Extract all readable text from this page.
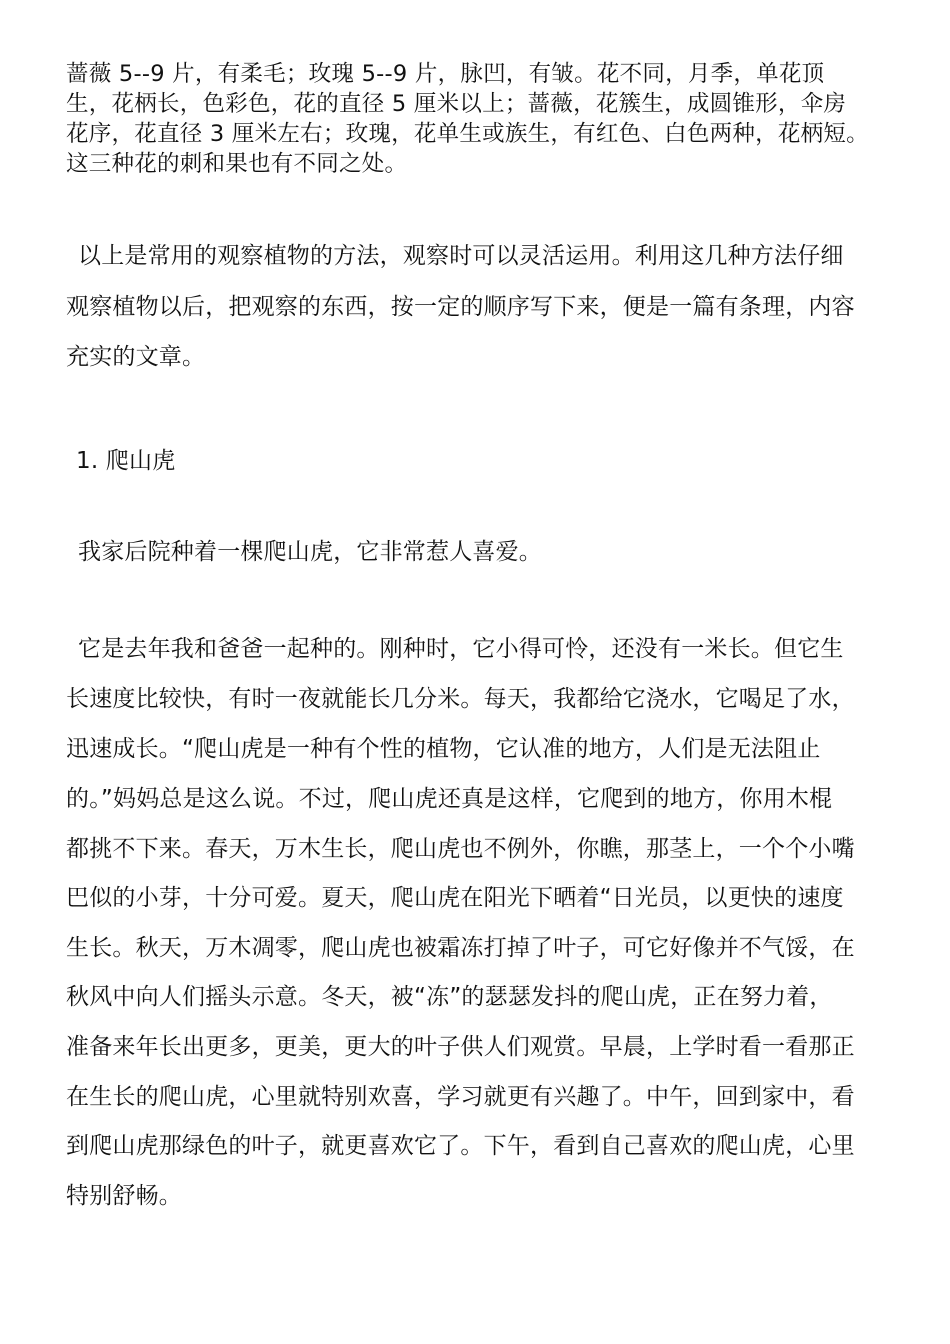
蔷薇 5--9 片，有柔毛；玫瑰 5--9 片，脉凹，有皱。花不同，月季，单花顶
生，花柄长，色彩色，花的直径 5 厘米以上；蔷薇，花簇生，成圆锥形，伞房
花序，花直径 3 厘米左右；玫瑰，花单生或族生，有红色、白色两种，花柄短。
这三种花的刺和果也有不同之处。
以上是常用的观察植物的方法，观察时可以灵活运用。利用这几种方法仔细
观察植物以后，把观察的东西，按一定的顺序写下来，便是一篇有条理，内容
充实的文章。
1. 爬山虎

我家后院种着一棵爬山虎，它非常惹人喜爱。

它是去年我和爸爸一起种的。刚种时，它小得可怜，还没有一米长。但它生
长速度比较快，有时一夜就能长几分米。每天，我都给它浇水，它喝足了水，
迅速成长。“爬山虎是一种有个性的植物，它认准的地方，人们是无法阻止
的。”妈妈总是这么说。不过，爬山虎还真是这样，它爬到的地方，你用木棍
都挑不下来。春天，万木生长，爬山虎也不例外，你瞧，那茎上，一个个小嘴
巴似的小芽，十分可爱。夏天，爬山虎在阳光下晒着“日光员，以更快的速度
生长。秋天，万木凋零，爬山虎也被霜冻打掉了叶子，可它好像并不气馁，在
秋风中向人们摇头示意。冬天，被“冻”的瑟瑟发抖的爬山虎，正在努力着，
准备来年长出更多，更美，更大的叶子供人们观赏。早晨，上学时看一看那正
在生长的爬山虎，心里就特别欢喜，学习就更有兴趣了。中午，回到家中，看
到爬山虎那绿色的叶子，就更喜欢它了。下午，看到自己喜欢的爬山虎，心里
特别舒畅。
